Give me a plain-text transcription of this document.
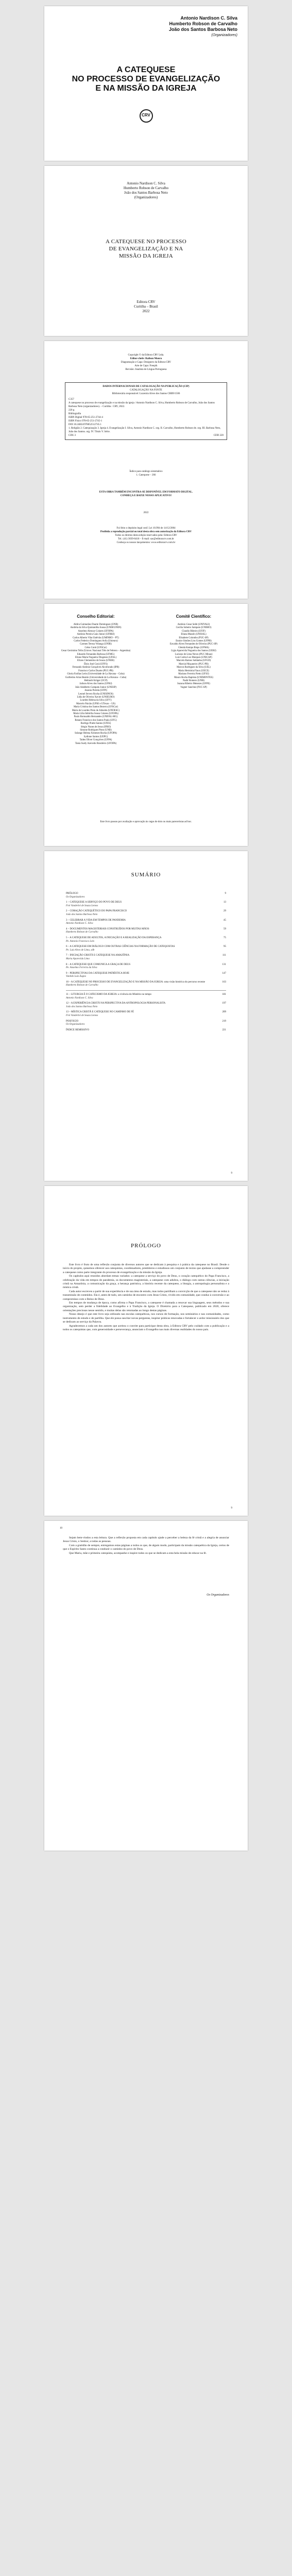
Antonio Nardison C. Silva
Humberto Robson de Carvalho
João dos Santos Barbosa Neto
(Organizadores)
A CATEQUESE
NO PROCESSO DE EVANGELIZAÇÃO
E NA MISSÃO DA IGREJA
CRV
Antonio Nardison C. Silva
Humberto Robson de Carvalho
João dos Santos Barbosa Neto
(Organizadores)
A CATEQUESE NO PROCESSO
DE EVANGELIZAÇÃO E NA
MISSÃO DA IGREJA
Editora CRV
Curitiba – Brasil
2022
Copyright © da Editora CRV Ltda.
Editor-chefe: Railson Moura
Diagramação e Capa: Designers da Editora CRV
Arte de Capa: Freepik
Revisão: Analista de Língua Portuguesa
DADOS INTERNACIONAIS DE CATALOGAÇÃO NA PUBLICAÇÃO (CIP)
CATALOGAÇÃO NA FONTE
Bibliotecária responsável: Luzenira Alves dos Santos CRB9/1506
C357
A catequese no processo de evangelização e na missão da igreja / Antonio Nardison C. Silva, Humberto Robson de Carvalho, João dos Santos Barbosa Neto (organizadores). – Curitiba : CRV, 2022.
220 p.
Bibliografia
ISBN Digital 978-65-251-2744-4
ISBN Físico 978-65-251-2745-1
DOI 10.24824/978652512745.1
1. Religião 2. Catequização 3. Igreja 4. Evangelização I. Silva, Antonio Nardison C. org. II. Carvalho, Humberto Robson de. org. III. Barbosa Neto, João dos Santos. org. IV. Título V. Série.
CDU 2	CDD 220
Índice para catálogo sistemático
1. Catequese – 266
ESTA OBRA TAMBÉM ENCONTRA-SE DISPONÍVEL EM FORMATO DIGITAL.
CONHEÇA E BAIXE NOSSO APLICATIVO!
2022
Foi feito o depósito legal conf. Lei 10.994 de 14/12/2004
Proibida a reprodução parcial ou total desta obra sem autorização da Editora CRV
Todos os direitos desta edição reservados pela: Editora CRV
Tel.: (41) 3039-6418 – E-mail: sac@editoracrv.com.br
Conheça os nossos lançamentos: www.editoracrv.com.br
Conselho Editorial:	Comitê Científico:
Aldira Guimarães Duarte Domínguez (UNB)
Andréia da Silva Quintanilha Sousa (UNIR/UFRN)
Anselmo Alencar Colares (UFOPA)
Antônio Pereira Gaio Júnior (UFRRJ)
Carlos Alberto Vilar Estêvão (UMINHO – PT)
Carlos Federico Dominguez Avila (Unieuro)
Carmen Tereza Velanga (UNIR)
Celso Conti (UFSCar)
Cesar Gerónimo Tello (Univer. Nacional Três de Febrero – Argentina)
Eduardo Fernandes Barbosa (UFMG)
Elione Maria Nogueira Diogenes (UFAL)
Elizeu Clementino de Souza (UNEB)
Élsio José Corá (UFFS)
Fernando Antônio Gonçalves Alcoforado (IPB)
Francisco Carlos Duarte (PUC-PR)
Gloria Fariñas León (Universidade de La Havana – Cuba)
Guillermo Arias Beatón (Universidade de La Havana – Cuba)
Helmuth Krüger (UCP)
Jailson Alves dos Santos (UFRJ)
João Adalberto Campato Junior (UNESP)
Josania Portela (UFPI)
Leonel Severo Rocha (UNISINOS)
Lídia de Oliveira Xavier (UNIEURO)
Lourdes Helena da Silva (UFV)
Marcelo Paixão (UFRJ e UTexas – US)
Maria Cristina dos Santos Bezerra (UFSCar)
Maria de Lourdes Pinto de Almeida (UNOESC)
Maria Lília Imbiriba Sousa Colares (UFOPA)
Paulo Romualdo Hernandes (UNIFAL-MG)
Renato Francisco dos Santos Paula (UFG)
Rodrigo Pratte-Santos (UFES)
Sérgio Nunes de Jesus (IFRO)
Simone Rodrigues Pinto (UNB)
Solange Helena Ximenes-Rocha (UFOPA)
Sydione Santos (UEPG)
Tadeu Oliver Gonçalves (UFPA)
Tania Suely Azevedo Brasileiro (UFOPA)
Antônio Cesar Seibt (UNIVALI)
Cecília Sobeiro Sampaio (UNIRIO)
Claudio Ribeiro (UFJF)
Eliana Massih (UNISAL)
Elisabete Colombo (PUC-SP)
Eunice Simões Lins Gomes (UFPB)
Euvaldo Alves Fernandes de Oliveira (PUC-SP)
Glenda Kempa Bispo (UFMA)
Lígia Aparecida Nogueira dos Santos (UERJ)
Luciano de Lima Neves (PUC Minas)
Luiz Carlos Luz Marques (UNICAP)
Marcelo Ramos Saldanha (UFGD)
Marcial Maçaneiro (PUC-PR)
Marcos Rodrigues da Silva (UEL)
Maria Hermínia Fiaux (UECE)
Mariano Ferreira Netto (UFSJ)
Mauro Rocha Baptista (UNIMONTES)
Nadir Romero (UNB)
Suzana Ribeiro Menezes (UFPE)
Vagner Sanchez (PUC-SP)
Este livro passou por avaliação e aprovação às cegas de dois ou mais pareceristas ad hoc.
SUMÁRIO
9
PRÓLOGO
Os Organizadores
13
1 – CATEQUESE A SERVIÇO DO POVO DE DEUS
Frei Vanderlei de Souza Lemos
29
2 – CORAÇÃO CATEQUÉTICO DO PAPA FRANCISCO
João dos Santos Barbosa Neto
45
3 – CELEBRAR A VIDA EM TEMPOS DE PANDEMIA
Antonio Nardison C. Silva
59
4 – DOCUMENTOS MAGISTERIAIS CONSTRUÍDOS POR MUITAS MÃOS
Humberto Robson de Carvalho
75
5 – A CATEQUESE DE ADULTOS, A INICIAÇÃO E A REALIZAÇÃO DA ESPERANÇA
Pe. Antonio Francisco Lelo
95
6 – A CATEQUESE EM DIÁLOGO COM OUTRAS CIÊNCIAS NA FORMAÇÃO DE CATEQUISTAS
Pe. Luiz Alves de Lima, sdb
111
7 – INICIAÇÃO CRISTÃ E CATEQUESE NA AMAZÔNIA
Maria Aparecida Lima
131
8 – A CATEQUESE QUE COMUNICA A GRAÇA DE DEUS
Pe. Anselmo Ferreira da Silva
147
9 – PERSPECTIVAS DA CATEQUESE PATRÍSTICA HOJE
Vanildo Luiz Zugno
163
10 – A CATEQUESE NO PROCESSO DE EVANGELIZAÇÃO E NA MISSÃO DA IGREJA: uma visão histórica do percurso recente
Humberto Robson de Carvalho
181
11 – LITURGIA É O CATECISMO DA IGREJA: a vivência do Mistério no tempo
Antonio Nardison C. Silva
197
12 – A EXPERIÊNCIA CRISTÃ NA PERSPECTIVA DA ANTROPOLOGIA PERSONALISTA
João dos Santos Barbosa Neto
209
13 – MÍSTICA CRISTÃ E CATEQUESE NO CAMINHO DE FÉ
Frei Vanderlei de Souza Lemos
219
POSFÁCIO
Os Organizadores
221
ÍNDICE REMISSIVO
9
PRÓLOGO

Este livro é fruto de uma reflexão conjunta de diversos autores que se dedicam à pesquisa e à prática da catequese no Brasil. Desde o início do projeto, quisemos oferecer aos catequistas, coordenadores, presbíteros e estudiosos um conjunto de textos que ajudasse a compreender a catequese como parte integrante do processo de evangelização e da missão da Igreja.

Os capítulos aqui reunidos abordam temas variados: a catequese a serviço do povo de Deus, o coração catequético do Papa Francisco, a celebração da vida em tempos de pandemia, os documentos magisteriais, a catequese com adultos, o diálogo com outras ciências, a iniciação cristã na Amazônia, a comunicação da graça, a herança patrística, a história recente da catequese, a liturgia, a antropologia personalista e a mística cristã.

Cada autor escreveu a partir de sua experiência e de sua área de estudo, mas todos partilham a convicção de que a catequese não se reduz à transmissão de conteúdos. Ela é, antes de tudo, um caminho de encontro com Jesus Cristo, vivido em comunidade, que conduz à conversão e ao compromisso com o Reino de Deus.

Em tempos de mudança de época, como afirma o Papa Francisco, a catequese é chamada a renovar sua linguagem, seus métodos e sua organização, sem perder a fidelidade ao Evangelho e à Tradição da Igreja. O Diretório para a Catequese, publicado em 2020, oferece orientações preciosas nesse sentido, e muitas delas são retomadas ao longo destas páginas.

Nosso desejo é que este livro seja utilizado nas escolas catequéticas, nos cursos de formação, nos seminários e nas comunidades, como instrumento de estudo e de partilha. Que ele possa suscitar novas perguntas, inspirar práticas renovadas e fortalecer o ardor missionário dos que se dedicam ao serviço da Palavra.

Agradecemos a cada um dos autores que aceitou o convite para participar desta obra, à Editora CRV pelo cuidado com a publicação e a todos os catequistas que, com generosidade e perseverança, anunciam o Evangelho nas mais diversas realidades do nosso país.

9
10

Sejam bem-vindos a esta leitura. Que a reflexão proposta em cada capítulo ajude a perceber a beleza da fé cristã e a alegria de anunciar Jesus Cristo, o Senhor, a todas as pessoas.

Com a gratidão de sempre, entregamos estas páginas a todos os que, de algum modo, participam da missão catequética da Igreja, certos de que o Espírito Santo continua a conduzir o caminho do povo de Deus.

Que Maria, mãe e primeira catequista, acompanhe e inspire todos os que se dedicam a esta bela missão de educar na fé.

Os Organizadores
